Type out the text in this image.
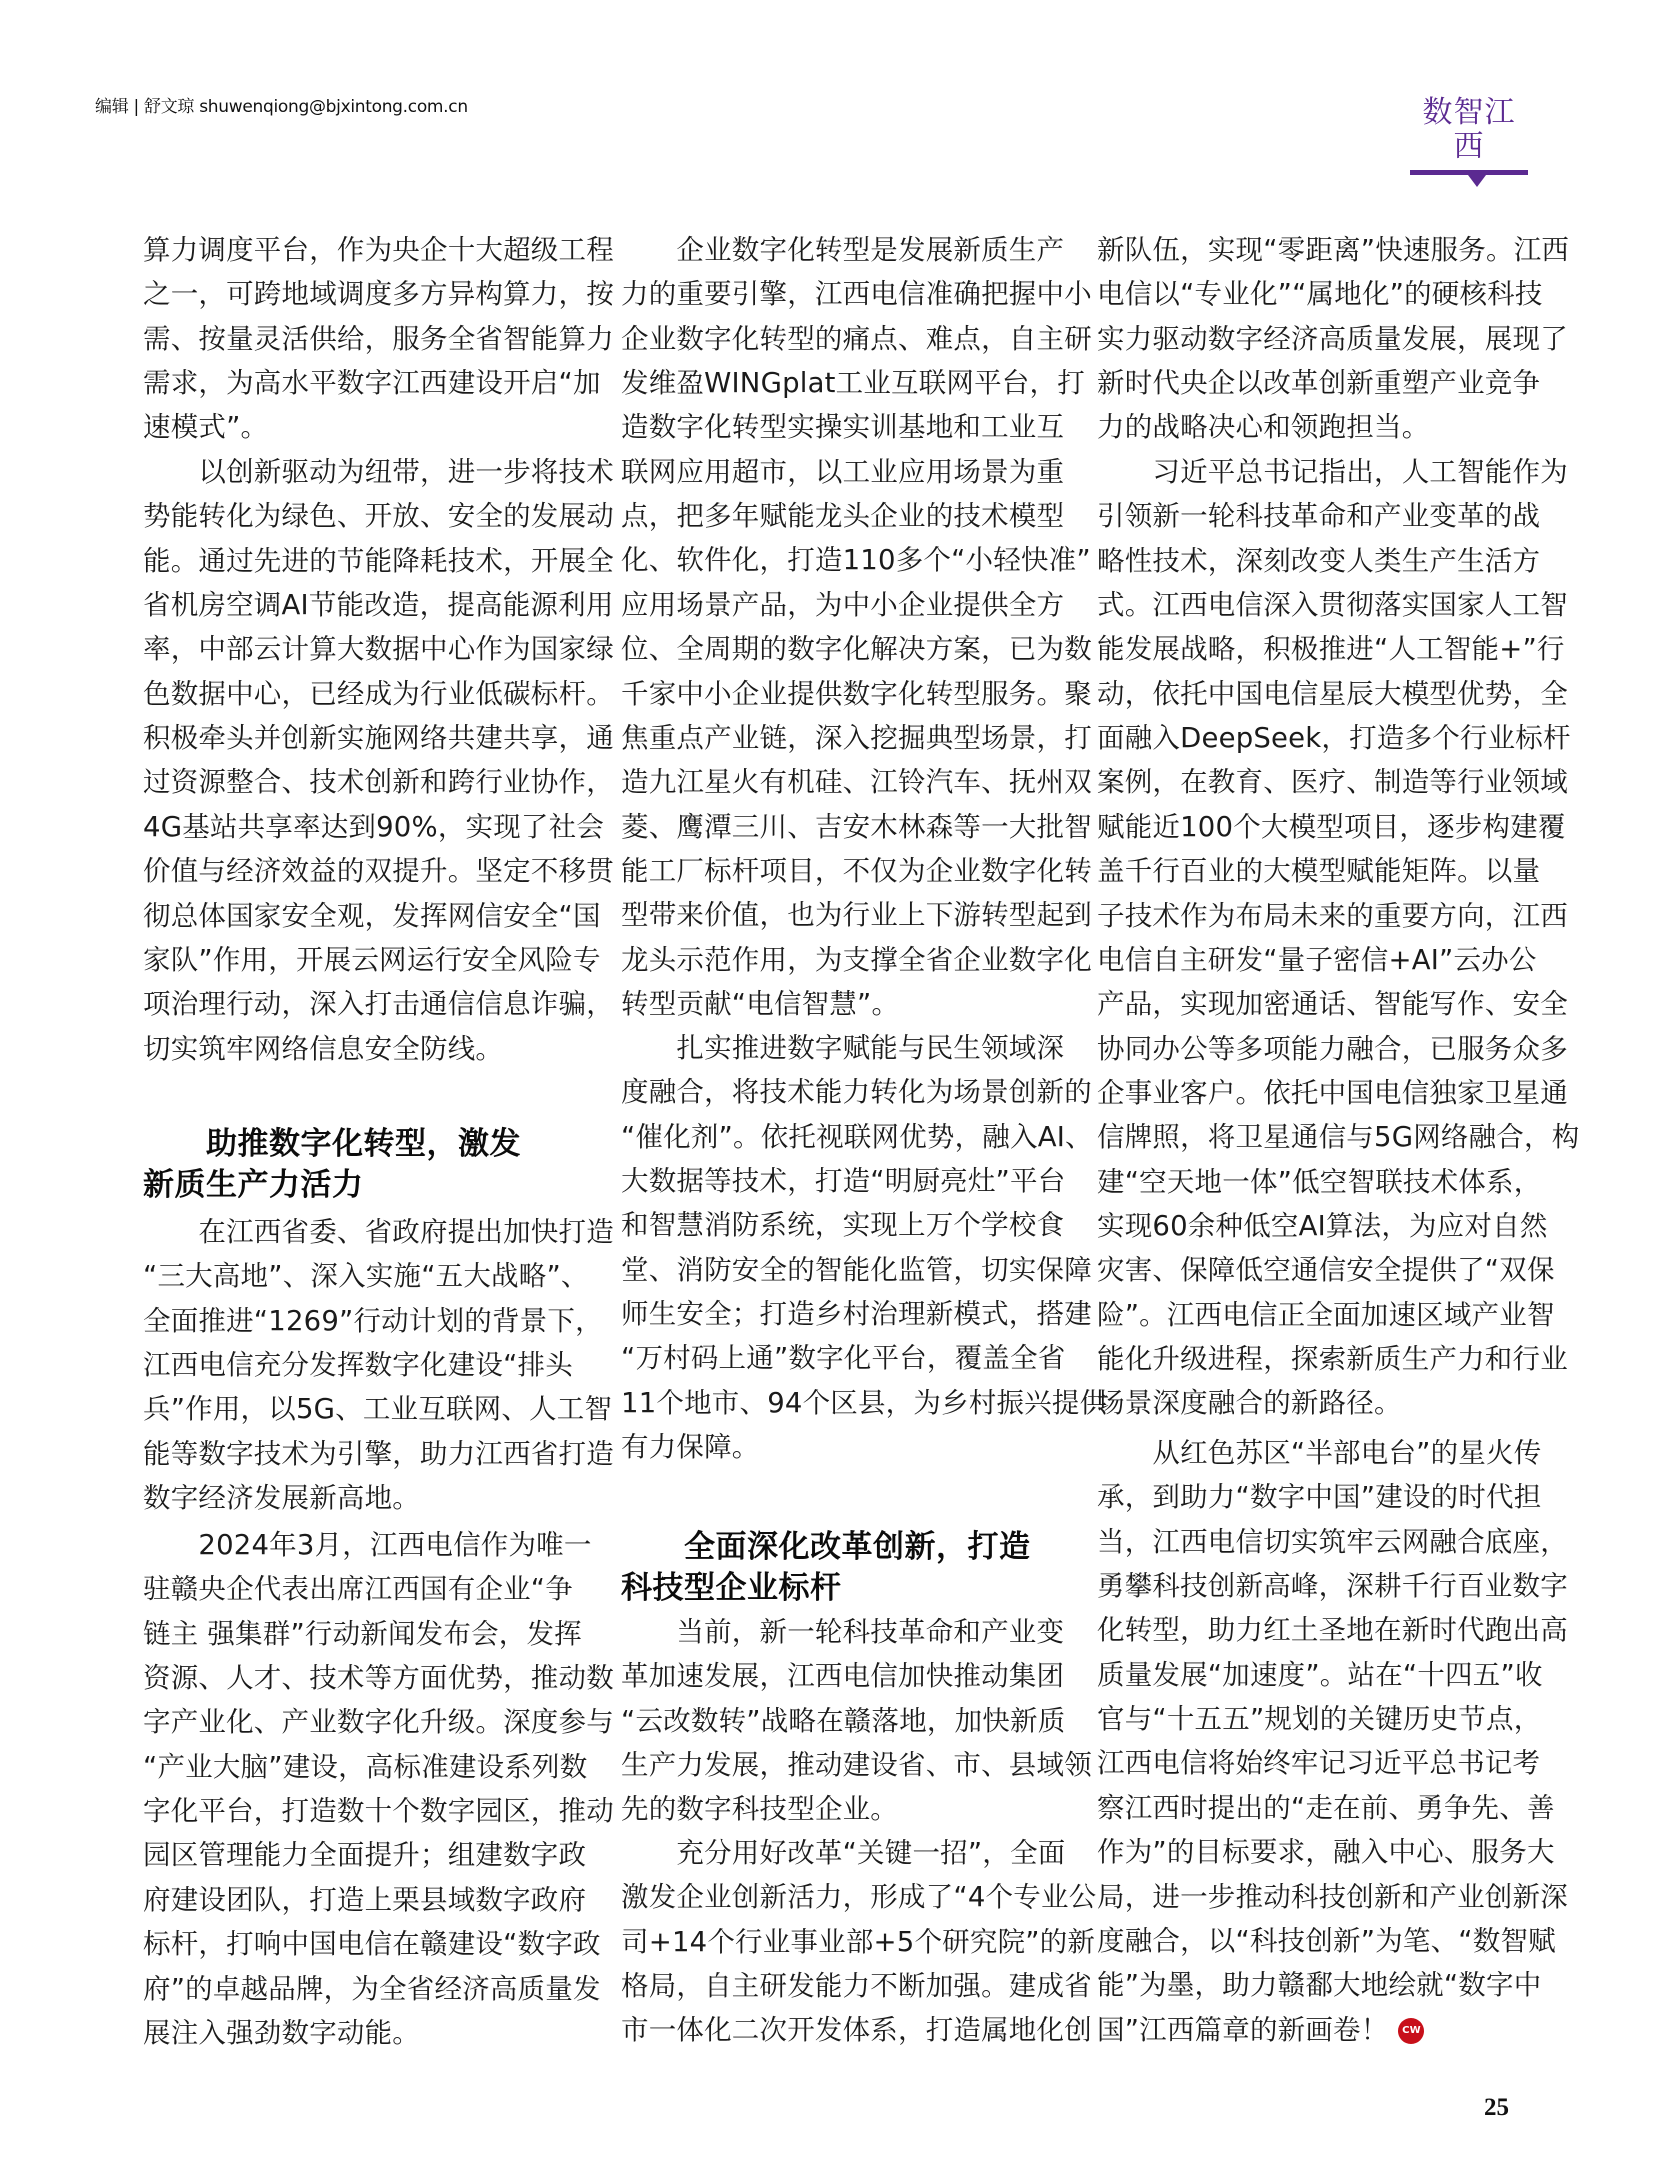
编辑 | 舒文琼 shuwenqiong@bjxintong.com.cn	数智江西
算力调度平台，作为央企十大超级工程
之一，可跨地域调度多方异构算力，按
需、按量灵活供给，服务全省智能算力
需求，为高水平数字江西建设开启“加
速模式”。
　　以创新驱动为纽带，进一步将技术
势能转化为绿色、开放、安全的发展动
能。通过先进的节能降耗技术，开展全
省机房空调AI节能改造，提高能源利用
率，中部云计算大数据中心作为国家绿
色数据中心，已经成为行业低碳标杆。
积极牵头并创新实施网络共建共享，通
过资源整合、技术创新和跨行业协作，
4G基站共享率达到90%，实现了社会
价值与经济效益的双提升。坚定不移贯
彻总体国家安全观，发挥网信安全“国
家队”作用，开展云网运行安全风险专
项治理行动，深入打击通信信息诈骗，
切实筑牢网络信息安全防线。
　　助推数字化转型，激发
新质生产力活力
　　在江西省委、省政府提出加快打造
“三大高地”、深入实施“五大战略”、
全面推进“1269”行动计划的背景下，
江西电信充分发挥数字化建设“排头
兵”作用，以5G、工业互联网、人工智
能等数字技术为引擎，助力江西省打造
数字经济发展新高地。
　　2024年3月，江西电信作为唯一
驻赣央企代表出席江西国有企业“争
链主 强集群”行动新闻发布会，发挥
资源、人才、技术等方面优势，推动数
字产业化、产业数字化升级。深度参与
“产业大脑”建设，高标准建设系列数
字化平台，打造数十个数字园区，推动
园区管理能力全面提升；组建数字政
府建设团队，打造上栗县域数字政府
标杆，打响中国电信在赣建设“数字政
府”的卓越品牌，为全省经济高质量发
展注入强劲数字动能。
　　企业数字化转型是发展新质生产
力的重要引擎，江西电信准确把握中小
企业数字化转型的痛点、难点，自主研
发维盈WINGplat工业互联网平台，打
造数字化转型实操实训基地和工业互
联网应用超市，以工业应用场景为重
点，把多年赋能龙头企业的技术模型
化、软件化，打造110多个“小轻快准”
应用场景产品，为中小企业提供全方
位、全周期的数字化解决方案，已为数
千家中小企业提供数字化转型服务。聚
焦重点产业链，深入挖掘典型场景，打
造九江星火有机硅、江铃汽车、抚州双
菱、鹰潭三川、吉安木林森等一大批智
能工厂标杆项目，不仅为企业数字化转
型带来价值，也为行业上下游转型起到
龙头示范作用，为支撑全省企业数字化
转型贡献“电信智慧”。
　　扎实推进数字赋能与民生领域深
度融合，将技术能力转化为场景创新的
“催化剂”。依托视联网优势，融入AI、
大数据等技术，打造“明厨亮灶”平台
和智慧消防系统，实现上万个学校食
堂、消防安全的智能化监管，切实保障
师生安全；打造乡村治理新模式，搭建
“万村码上通”数字化平台，覆盖全省
11个地市、94个区县，为乡村振兴提供
有力保障。
　　全面深化改革创新，打造
科技型企业标杆
　　当前，新一轮科技革命和产业变
革加速发展，江西电信加快推动集团
“云改数转”战略在赣落地，加快新质
生产力发展，推动建设省、市、县域领
先的数字科技型企业。
　　充分用好改革“关键一招”，全面
激发企业创新活力，形成了“4个专业公
司+14个行业事业部+5个研究院”的新
格局，自主研发能力不断加强。建成省
市一体化二次开发体系，打造属地化创
新队伍，实现“零距离”快速服务。江西
电信以“专业化”“属地化”的硬核科技
实力驱动数字经济高质量发展，展现了
新时代央企以改革创新重塑产业竞争
力的战略决心和领跑担当。
　　习近平总书记指出，人工智能作为
引领新一轮科技革命和产业变革的战
略性技术，深刻改变人类生产生活方
式。江西电信深入贯彻落实国家人工智
能发展战略，积极推进“人工智能+”行
动，依托中国电信星辰大模型优势，全
面融入DeepSeek，打造多个行业标杆
案例，在教育、医疗、制造等行业领域
赋能近100个大模型项目，逐步构建覆
盖千行百业的大模型赋能矩阵。以量
子技术作为布局未来的重要方向，江西
电信自主研发“量子密信+AI”云办公
产品，实现加密通话、智能写作、安全
协同办公等多项能力融合，已服务众多
企事业客户。依托中国电信独家卫星通
信牌照，将卫星通信与5G网络融合，构
建“空天地一体”低空智联技术体系，
实现60余种低空AI算法，为应对自然
灾害、保障低空通信安全提供了“双保
险”。江西电信正全面加速区域产业智
能化升级进程，探索新质生产力和行业
场景深度融合的新路径。
　　从红色苏区“半部电台”的星火传
承，到助力“数字中国”建设的时代担
当，江西电信切实筑牢云网融合底座，
勇攀科技创新高峰，深耕千行百业数字
化转型，助力红土圣地在新时代跑出高
质量发展“加速度”。站在“十四五”收
官与“十五五”规划的关键历史节点，
江西电信将始终牢记习近平总书记考
察江西时提出的“走在前、勇争先、善
作为”的目标要求，融入中心、服务大
局，进一步推动科技创新和产业创新深
度融合，以“科技创新”为笔、“数智赋
能”为墨，助力赣鄱大地绘就“数字中
国”江西篇章的新画卷！ CW
25
